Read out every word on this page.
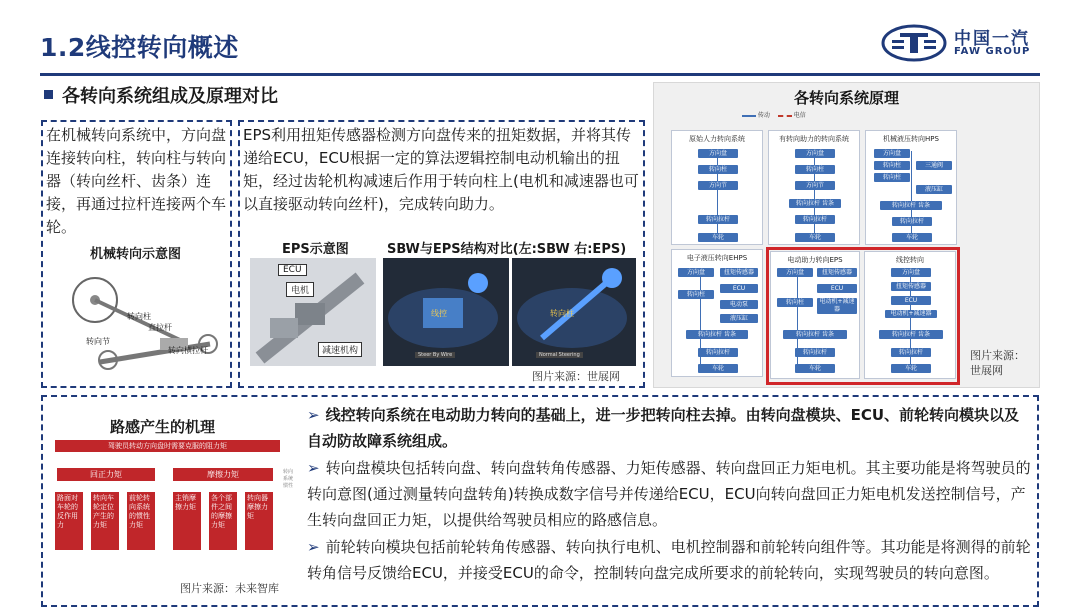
1.2线控转向概述	中国一汽
FAW GROUP
各转向系统组成及原理对比
在机械转向系统中，方向盘连接转向柱，转向柱与转向器（转向丝杆、齿条）连接，再通过拉杆连接两个车轮。
机械转向示意图
转向柱
直拉杆
转向节
转向横拉杆
EPS利用扭矩传感器检测方向盘传来的扭矩数据，并将其传递给ECU，ECU根据一定的算法逻辑控制电动机输出的扭矩，经过齿轮机构减速后作用于转向柱上(电机和减速器也可以直接驱动转向丝杆)，完成转向助力。
EPS示意图	SBW与EPS结构对比(左:SBW 右:EPS)
ECU
电机
减速机构
线控
Steer By Wire
转向柱
Normal Steering
图片来源：世展网
各转向系统原理
传动	电信
原始人力转向系统
方向盘
转向柱
方向节
转向拉杆
车轮
有转向助力的转向系统
方向盘
转向柱
方向节
转向拉杆 齿条
转向拉杆
车轮
机械液压转向HPS
方向盘
转向柱	三通阀
转向柱
液压缸
转向拉杆 齿条
转向拉杆
车轮
电子液压转向EHPS
方向盘	扭矩传感器
ECU
转向柱
电动泵
液压缸
转向拉杆 齿条
转向拉杆
车轮
电动助力转向EPS
方向盘	扭矩传感器
ECU
转向柱	电动机+减速器
转向拉杆 齿条
转向拉杆
车轮
线控转向
方向盘
扭矩传感器
ECU
电动机+减速器
转向拉杆 齿条
转向拉杆
车轮
图片来源：世展网
路感产生的机理
驾驶员转动方向盘时需要克服的阻力矩
回正力矩	摩擦力矩
路面对车轮的反作用力
转向车轮定位产生的力矩
前轮转向系统的惯性力矩
主销摩擦力矩
各个部件之间的摩擦力矩
转向器摩擦力矩
转向系统惯性
图片来源：未来智库
➢ 线控转向系统在电动助力转向的基础上，进一步把转向柱去掉。由转向盘模块、ECU、前轮转向模块以及自动防故障系统组成。
➢ 转向盘模块包括转向盘、转向盘转角传感器、力矩传感器、转向盘回正力矩电机。其主要功能是将驾驶员的转向意图(通过测量转向盘转角)转换成数字信号并传递给ECU，ECU向转向盘回正力矩电机发送控制信号，产生转向盘回正力矩，以提供给驾驶员相应的路感信息。
➢ 前轮转向模块包括前轮转角传感器、转向执行电机、电机控制器和前轮转向组件等。其功能是将测得的前轮转角信号反馈给ECU，并接受ECU的命令，控制转向盘完成所要求的前轮转向，实现驾驶员的转向意图。
